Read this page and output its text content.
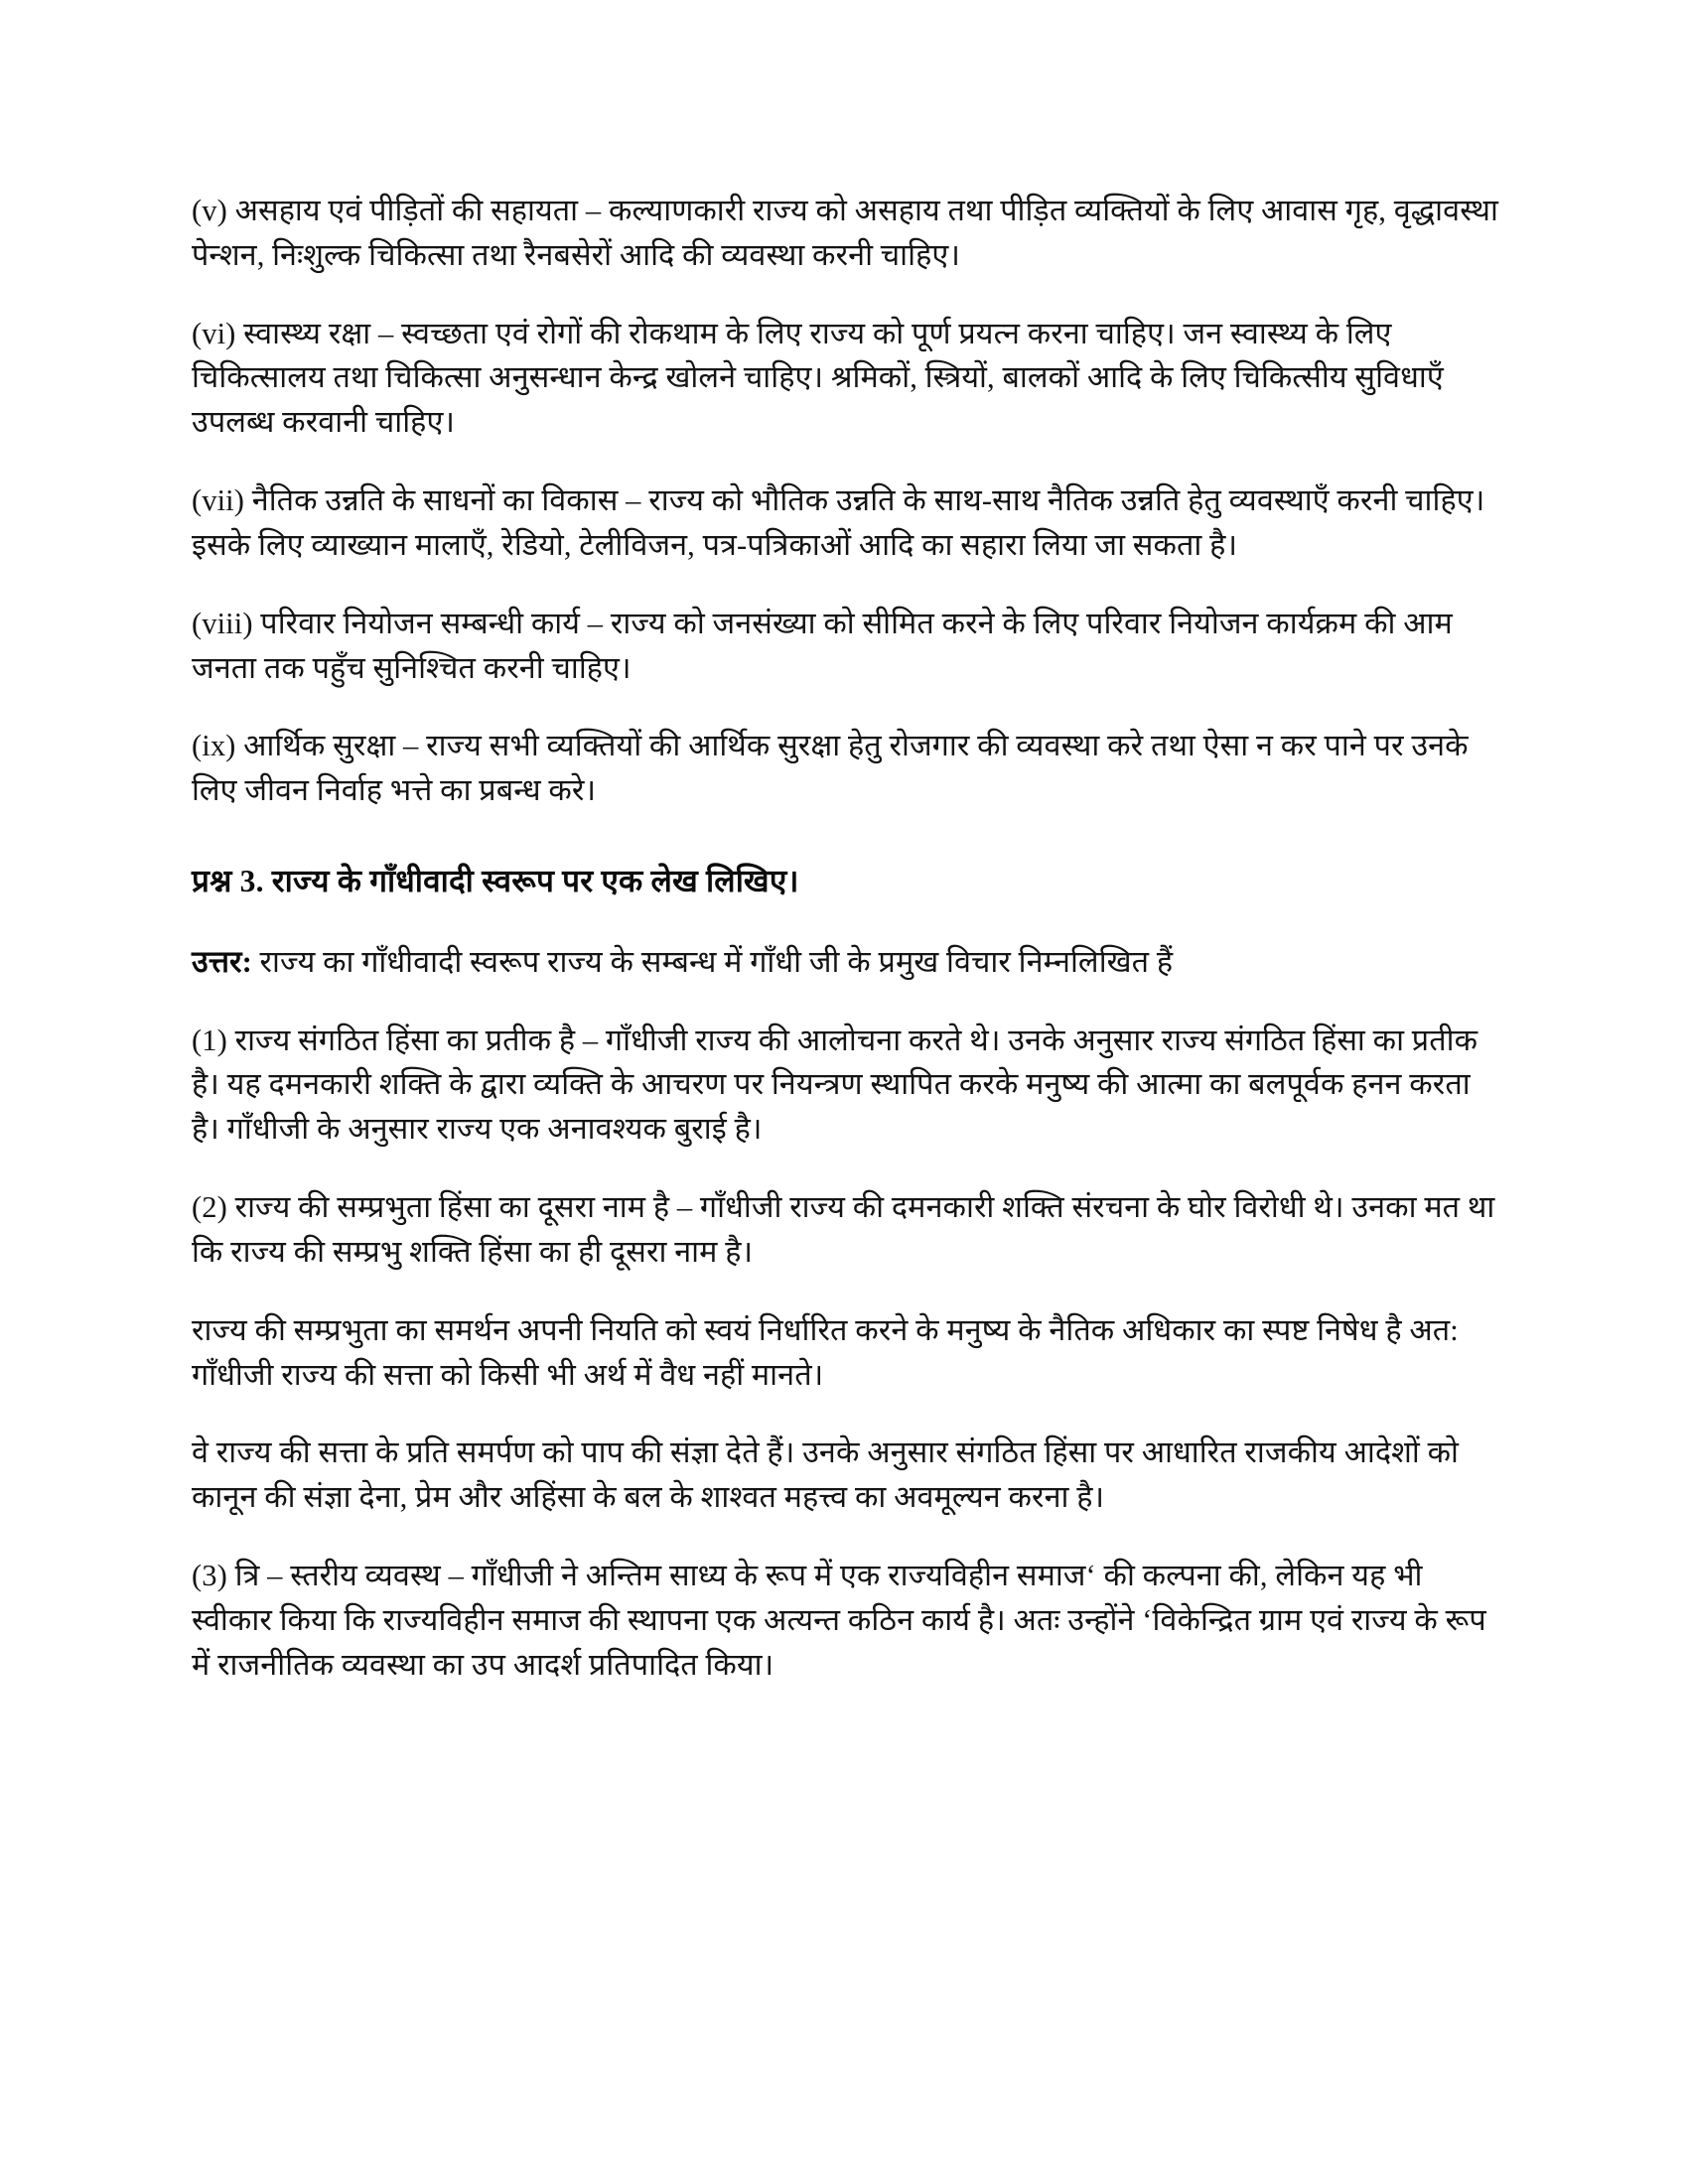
(v) असहाय एवं पीड़ितों की सहायता – कल्याणकारी राज्य को असहाय तथा पीड़ित व्यक्तियों के लिए आवास गृह, वृद्धावस्था पेन्शन, निःशुल्क चिकित्सा तथा रैनबसेरों आदि की व्यवस्था करनी चाहिए।

(vi) स्वास्थ्य रक्षा – स्वच्छता एवं रोगों की रोकथाम के लिए राज्य को पूर्ण प्रयत्न करना चाहिए। जन स्वास्थ्य के लिए चिकित्सालय तथा चिकित्सा अनुसन्धान केन्द्र खोलने चाहिए। श्रमिकों, स्त्रियों, बालकों आदि के लिए चिकित्सीय सुविधाएँ उपलब्ध करवानी चाहिए।

(vii) नैतिक उन्नति के साधनों का विकास – राज्य को भौतिक उन्नति के साथ-साथ नैतिक उन्नति हेतु व्यवस्थाएँ करनी चाहिए। इसके लिए व्याख्यान मालाएँ, रेडियो, टेलीविजन, पत्र-पत्रिकाओं आदि का सहारा लिया जा सकता है।

(viii) परिवार नियोजन सम्बन्धी कार्य – राज्य को जनसंख्या को सीमित करने के लिए परिवार नियोजन कार्यक्रम की आम जनता तक पहुँच सुनिश्चित करनी चाहिए।

(ix) आर्थिक सुरक्षा – राज्य सभी व्यक्तियों की आर्थिक सुरक्षा हेतु रोजगार की व्यवस्था करे तथा ऐसा न कर पाने पर उनके लिए जीवन निर्वाह भत्ते का प्रबन्ध करे।

प्रश्न 3. राज्य के गाँधीवादी स्वरूप पर एक लेख लिखिए।

उत्तर: राज्य का गाँधीवादी स्वरूप राज्य के सम्बन्ध में गाँधी जी के प्रमुख विचार निम्नलिखित हैं

(1) राज्य संगठित हिंसा का प्रतीक है – गाँधीजी राज्य की आलोचना करते थे। उनके अनुसार राज्य संगठित हिंसा का प्रतीक है। यह दमनकारी शक्ति के द्वारा व्यक्ति के आचरण पर नियन्त्रण स्थापित करके मनुष्य की आत्मा का बलपूर्वक हनन करता है। गाँधीजी के अनुसार राज्य एक अनावश्यक बुराई है।

(2) राज्य की सम्प्रभुता हिंसा का दूसरा नाम है – गाँधीजी राज्य की दमनकारी शक्ति संरचना के घोर विरोधी थे। उनका मत था कि राज्य की सम्प्रभु शक्ति हिंसा का ही दूसरा नाम है।

राज्य की सम्प्रभुता का समर्थन अपनी नियति को स्वयं निर्धारित करने के मनुष्य के नैतिक अधिकार का स्पष्ट निषेध है अत: गाँधीजी राज्य की सत्ता को किसी भी अर्थ में वैध नहीं मानते।

वे राज्य की सत्ता के प्रति समर्पण को पाप की संज्ञा देते हैं। उनके अनुसार संगठित हिंसा पर आधारित राजकीय आदेशों को कानून की संज्ञा देना, प्रेम और अहिंसा के बल के शाश्वत महत्त्व का अवमूल्यन करना है।

(3) त्रि – स्तरीय व्यवस्थ – गाँधीजी ने अन्तिम साध्य के रूप में एक राज्यविहीन समाज‘ की कल्पना की, लेकिन यह भी स्वीकार किया कि राज्यविहीन समाज की स्थापना एक अत्यन्त कठिन कार्य है। अतः उन्होंने ‘विकेन्द्रित ग्राम एवं राज्य के रूप में राजनीतिक व्यवस्था का उप आदर्श प्रतिपादित किया।
